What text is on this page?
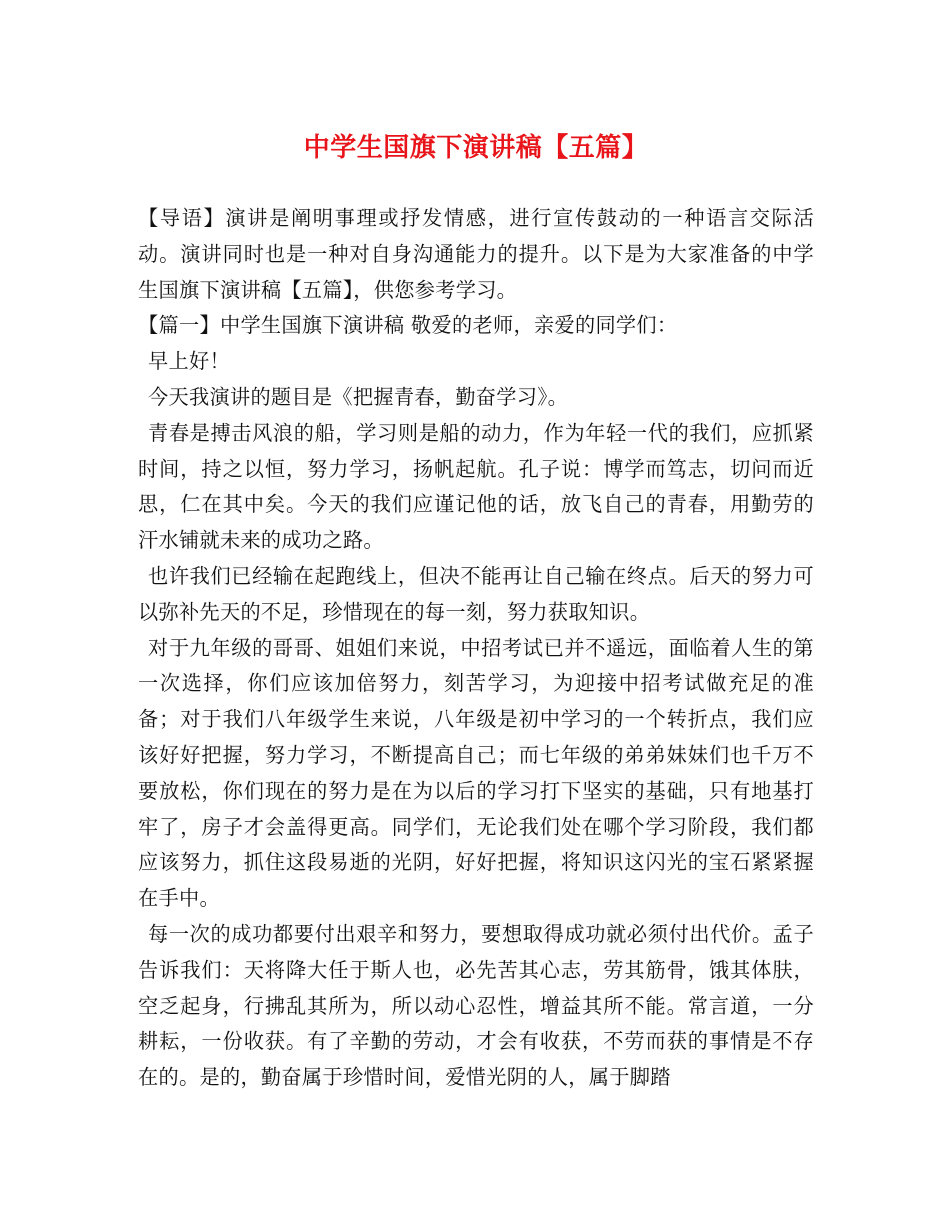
中学生国旗下演讲稿【五篇】

【导语】演讲是阐明事理或抒发情感，进行宣传鼓动的一种语言交际活动。演讲同时也是一种对自身沟通能力的提升。以下是为大家准备的中学生国旗下演讲稿【五篇】，供您参考学习。

【篇一】中学生国旗下演讲稿 敬爱的老师，亲爱的同学们：

早上好！

今天我演讲的题目是《把握青春，勤奋学习》。

青春是搏击风浪的船，学习则是船的动力，作为年轻一代的我们，应抓紧时间，持之以恒，努力学习，扬帆起航。孔子说：博学而笃志，切问而近思，仁在其中矣。今天的我们应谨记他的话，放飞自己的青春，用勤劳的汗水铺就未来的成功之路。

也许我们已经输在起跑线上，但决不能再让自己输在终点。后天的努力可以弥补先天的不足，珍惜现在的每一刻，努力获取知识。

对于九年级的哥哥、姐姐们来说，中招考试已并不遥远，面临着人生的第一次选择，你们应该加倍努力，刻苦学习，为迎接中招考试做充足的准备；对于我们八年级学生来说，八年级是初中学习的一个转折点，我们应该好好把握，努力学习，不断提高自己；而七年级的弟弟妹妹们也千万不要放松，你们现在的努力是在为以后的学习打下坚实的基础，只有地基打牢了，房子才会盖得更高。同学们，无论我们处在哪个学习阶段，我们都应该努力，抓住这段易逝的光阴，好好把握，将知识这闪光的宝石紧紧握在手中。

每一次的成功都要付出艰辛和努力，要想取得成功就必须付出代价。孟子告诉我们：天将降大任于斯人也，必先苦其心志，劳其筋骨，饿其体肤，空乏起身，行拂乱其所为，所以动心忍性，增益其所不能。常言道，一分耕耘，一份收获。有了辛勤的劳动，才会有收获，不劳而获的事情是不存在的。是的，勤奋属于珍惜时间，爱惜光阴的人，属于脚踏
